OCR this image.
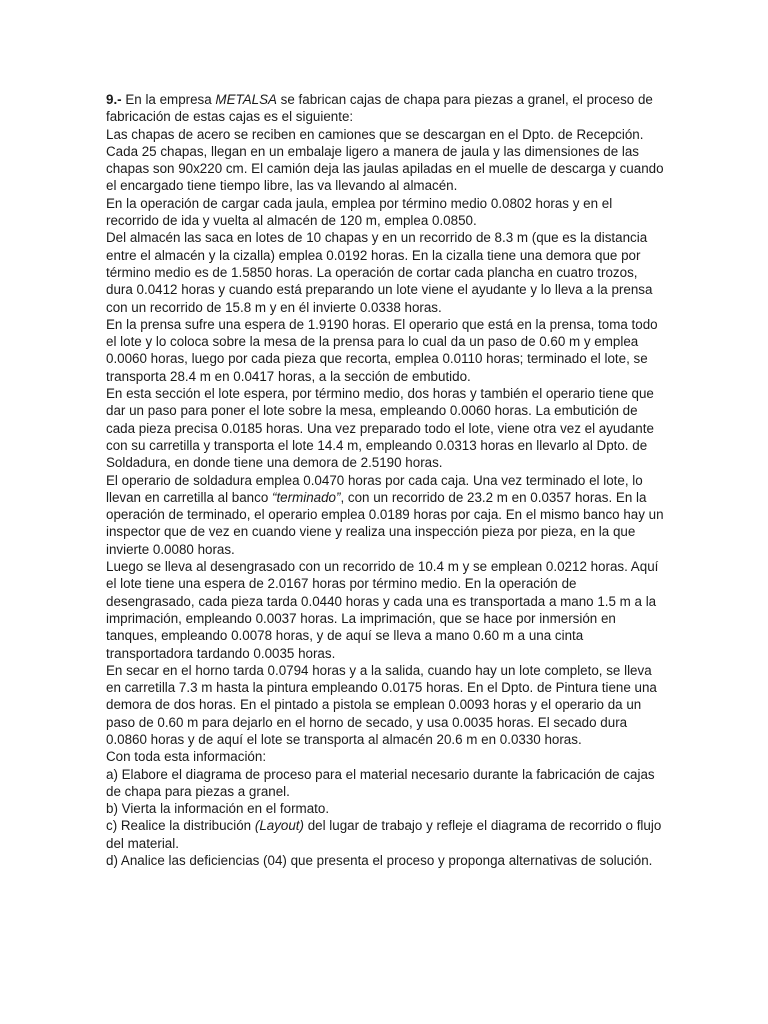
9.- En la empresa METALSA se fabrican cajas de chapa para piezas a granel, el proceso de fabricación de estas cajas es el siguiente:

Las chapas de acero se reciben en camiones que se descargan en el Dpto. de Recepción. Cada 25 chapas, llegan en un embalaje ligero a manera de jaula y las dimensiones de las chapas son 90x220 cm. El camión deja las jaulas apiladas en el muelle de descarga y cuando el encargado tiene tiempo libre, las va llevando al almacén.

En la operación de cargar cada jaula, emplea por término medio 0.0802 horas y en el recorrido de ida y vuelta al almacén de 120 m, emplea 0.0850.

Del almacén las saca en lotes de 10 chapas y en un recorrido de 8.3 m (que es la distancia entre el almacén y la cizalla) emplea 0.0192 horas. En la cizalla tiene una demora que por término medio es de 1.5850 horas. La operación de cortar cada plancha en cuatro trozos, dura 0.0412 horas y cuando está preparando un lote viene el ayudante y lo lleva a la prensa con un recorrido de 15.8 m y en él invierte 0.0338 horas.

En la prensa sufre una espera de 1.9190 horas. El operario que está en la prensa, toma todo el lote y lo coloca sobre la mesa de la prensa para lo cual da un paso de 0.60 m y emplea 0.0060 horas, luego por cada pieza que recorta, emplea 0.0110 horas; terminado el lote, se transporta 28.4 m en 0.0417 horas, a la sección de embutido.

En esta sección el lote espera, por término medio, dos horas y también el operario tiene que dar un paso para poner el lote sobre la mesa, empleando 0.0060 horas. La embutición de cada pieza precisa 0.0185 horas. Una vez preparado todo el lote, viene otra vez el ayudante con su carretilla y transporta el lote 14.4 m, empleando 0.0313 horas en llevarlo al Dpto. de Soldadura, en donde tiene una demora de 2.5190 horas.

El operario de soldadura emplea 0.0470 horas por cada caja. Una vez terminado el lote, lo llevan en carretilla al banco “terminado”, con un recorrido de 23.2 m en 0.0357 horas. En la operación de terminado, el operario emplea 0.0189 horas por caja. En el mismo banco hay un inspector que de vez en cuando viene y realiza una inspección pieza por pieza, en la que invierte 0.0080 horas.

Luego se lleva al desengrasado con un recorrido de 10.4 m y se emplean 0.0212 horas. Aquí el lote tiene una espera de 2.0167 horas por término medio. En la operación de desengrasado, cada pieza tarda 0.0440 horas y cada una es transportada a mano 1.5 m a la imprimación, empleando 0.0037 horas. La imprimación, que se hace por inmersión en tanques, empleando 0.0078 horas, y de aquí se lleva a mano 0.60 m a una cinta transportadora tardando 0.0035 horas.

En secar en el horno tarda 0.0794 horas y a la salida, cuando hay un lote completo, se lleva en carretilla 7.3 m hasta la pintura empleando 0.0175 horas. En el Dpto. de Pintura tiene una demora de dos horas. En el pintado a pistola se emplean 0.0093 horas y el operario da un paso de 0.60 m para dejarlo en el horno de secado, y usa 0.0035 horas. El secado dura 0.0860 horas y de aquí el lote se transporta al almacén 20.6 m en 0.0330 horas.

Con toda esta información:

a) Elabore el diagrama de proceso para el material necesario durante la fabricación de cajas de chapa para piezas a granel.

b) Vierta la información en el formato.

c) Realice la distribución (Layout) del lugar de trabajo y refleje el diagrama de recorrido o flujo del material.

d) Analice las deficiencias (04) que presenta el proceso y proponga alternativas de solución.
